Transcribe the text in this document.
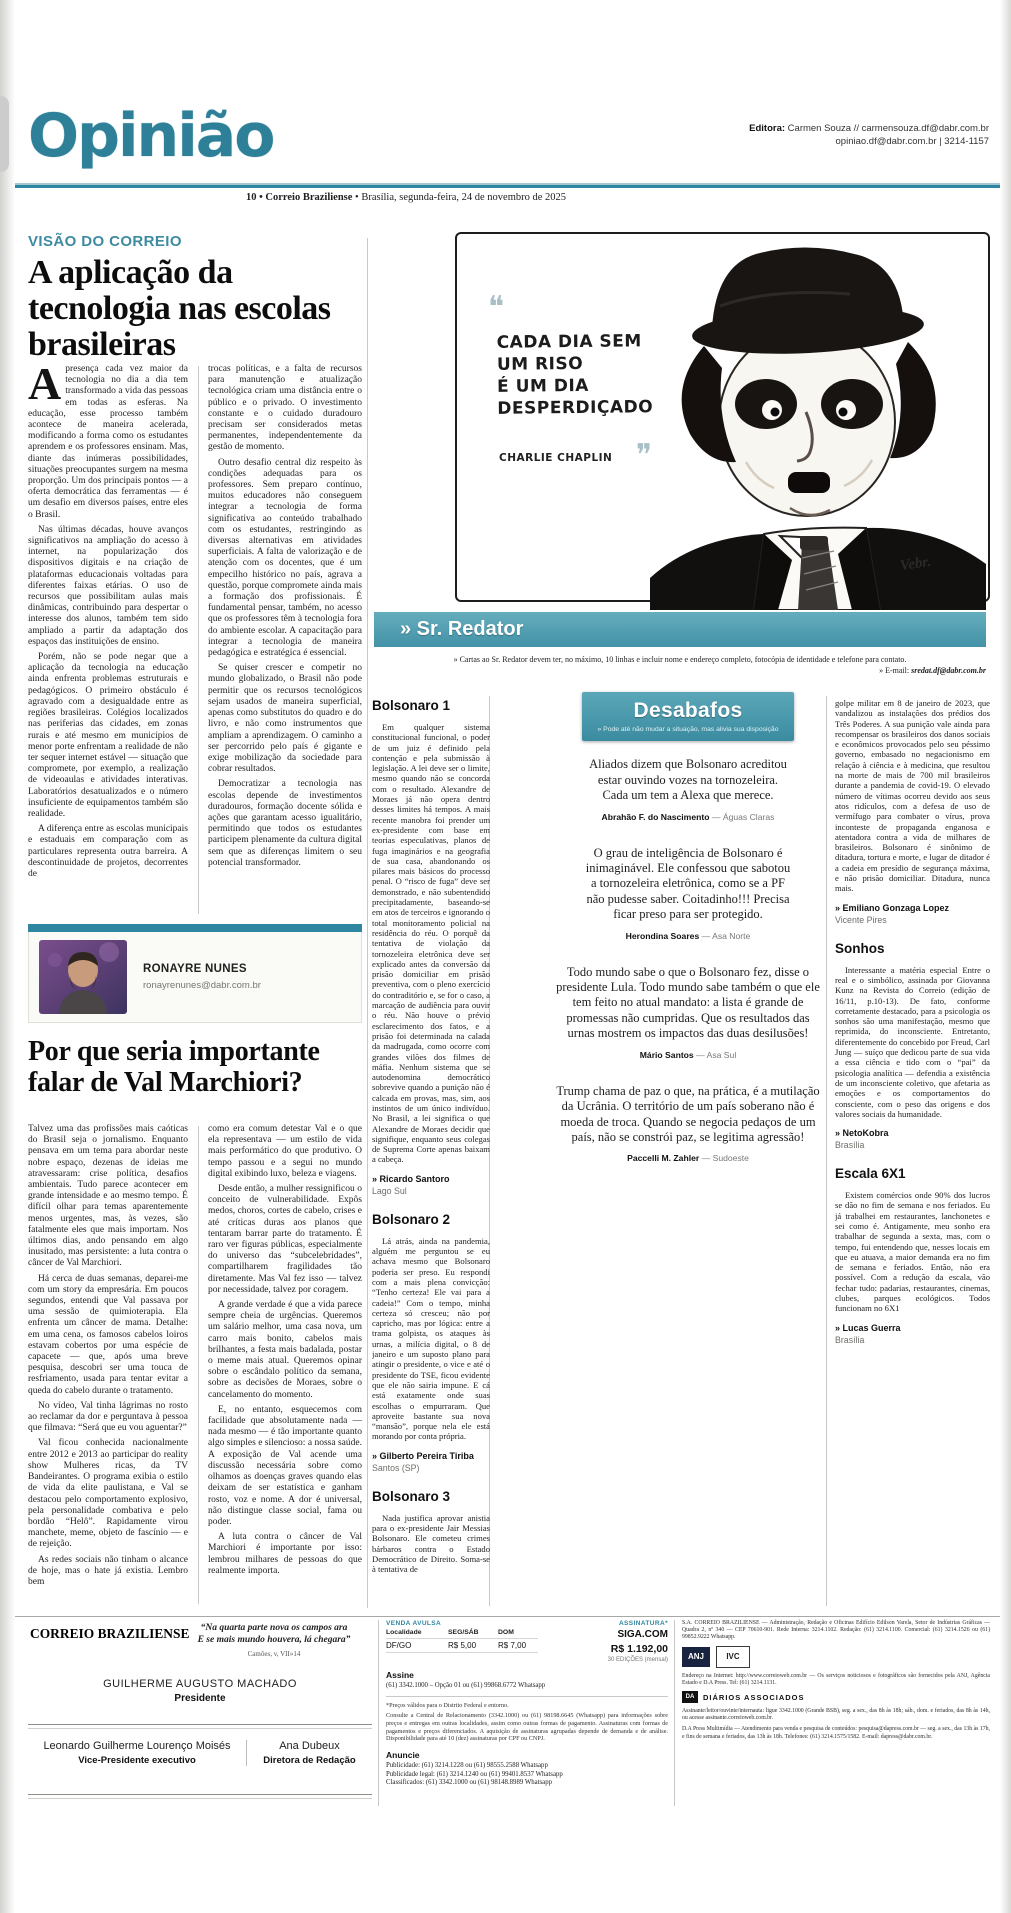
Opinião	Editora: Carmen Souza // carmensouza.df@dabr.com.br
opiniao.df@dabr.com.br | 3214-1157
10 • Correio Braziliense • Brasília, segunda-feira, 24 de novembro de 2025
VISÃO DO CORREIO
A aplicação da tecnologia nas escolas brasileiras

Apresença cada vez maior da tecnologia no dia a dia tem transformado a vida das pessoas em todas as esferas. Na educação, esse processo também acontece de maneira acelerada, modificando a forma como os estudantes aprendem e os professores ensinam. Mas, diante das inúmeras possibilidades, situações preocupantes surgem na mesma proporção. Um dos principais pontos — a oferta democrática das ferramentas — é um desafio em diversos países, entre eles o Brasil.

Nas últimas décadas, houve avanços significativos na ampliação do acesso à internet, na popularização dos dispositivos digitais e na criação de plataformas educacionais voltadas para diferentes faixas etárias. O uso de recursos que possibilitam aulas mais dinâmicas, contribuindo para despertar o interesse dos alunos, também tem sido ampliado a partir da adaptação dos espaços das instituições de ensino.

Porém, não se pode negar que a aplicação da tecnologia na educação ainda enfrenta problemas estruturais e pedagógicos. O primeiro obstáculo é agravado com a desigualdade entre as regiões brasileiras. Colégios localizados nas periferias das cidades, em zonas rurais e até mesmo em municípios de menor porte enfrentam a realidade de não ter sequer internet estável — situação que compromete, por exemplo, a realização de videoaulas e atividades interativas. Laboratórios desatualizados e o número insuficiente de equipamentos também são realidade.

A diferença entre as escolas municipais e estaduais em comparação com as particulares representa outra barreira. A descontinuidade de projetos, decorrentes de

trocas políticas, e a falta de recursos para manutenção e atualização tecnológica criam uma distância entre o público e o privado. O investimento constante e o cuidado duradouro precisam ser considerados metas permanentes, independentemente da gestão de momento.

Outro desafio central diz respeito às condições adequadas para os professores. Sem preparo contínuo, muitos educadores não conseguem integrar a tecnologia de forma significativa ao conteúdo trabalhado com os estudantes, restringindo as diversas alternativas em atividades superficiais. A falta de valorização e de atenção com os docentes, que é um empecilho histórico no país, agrava a questão, porque compromete ainda mais a formação dos profissionais. É fundamental pensar, também, no acesso que os professores têm à tecnologia fora do ambiente escolar. A capacitação para integrar a tecnologia de maneira pedagógica e estratégica é essencial.

Se quiser crescer e competir no mundo globalizado, o Brasil não pode permitir que os recursos tecnológicos sejam usados de maneira superficial, apenas como substitutos do quadro e do livro, e não como instrumentos que ampliam a aprendizagem. O caminho a ser percorrido pelo país é gigante e exige mobilização da sociedade para cobrar resultados.

Democratizar a tecnologia nas escolas depende de investimentos duradouros, formação docente sólida e ações que garantam acesso igualitário, permitindo que todos os estudantes participem plenamente da cultura digital sem que as diferenças limitem o seu potencial transformador.

RONAYRE NUNES
ronayrenunes@dabr.com.br
Por que seria importante falar de Val Marchiori?

Talvez uma das profissões mais caóticas do Brasil seja o jornalismo. Enquanto pensava em um tema para abordar neste nobre espaço, dezenas de ideias me atravessaram: crise política, desafios ambientais. Tudo parece acontecer em grande intensidade e ao mesmo tempo. É difícil olhar para temas aparentemente menos urgentes, mas, às vezes, são fatalmente eles que mais importam. Nos últimos dias, ando pensando em algo inusitado, mas persistente: a luta contra o câncer de Val Marchiori.

Há cerca de duas semanas, deparei-me com um story da empresária. Em poucos segundos, entendi que Val passava por uma sessão de quimioterapia. Ela enfrenta um câncer de mama. Detalhe: em uma cena, os famosos cabelos loiros estavam cobertos por uma espécie de capacete — que, após uma breve pesquisa, descobri ser uma touca de resfriamento, usada para tentar evitar a queda do cabelo durante o tratamento.

No vídeo, Val tinha lágrimas no rosto ao reclamar da dor e perguntava à pessoa que filmava: “Será que eu vou aguentar?”

Val ficou conhecida nacionalmente entre 2012 e 2013 ao participar do reality show Mulheres ricas, da TV Bandeirantes. O programa exibia o estilo de vida da elite paulistana, e Val se destacou pelo comportamento explosivo, pela personalidade combativa e pelo bordão “Helô”. Rapidamente virou manchete, meme, objeto de fascínio — e de rejeição.

As redes sociais não tinham o alcance de hoje, mas o hate já existia. Lembro bem

como era comum detestar Val e o que ela representava — um estilo de vida mais performático do que produtivo. O tempo passou e a segui no mundo digital exibindo luxo, beleza e viagens.

Desde então, a mulher ressignificou o conceito de vulnerabilidade. Expôs medos, choros, cortes de cabelo, crises e até críticas duras aos planos que tentaram barrar parte do tratamento. É raro ver figuras públicas, especialmente do universo das “subcelebridades”, compartilharem fragilidades tão diretamente. Mas Val fez isso — talvez por necessidade, talvez por coragem.

A grande verdade é que a vida parece sempre cheia de urgências. Queremos um salário melhor, uma casa nova, um carro mais bonito, cabelos mais brilhantes, a festa mais badalada, postar o meme mais atual. Queremos opinar sobre o escândalo político da semana, sobre as decisões de Moraes, sobre o cancelamento do momento.

E, no entanto, esquecemos com facilidade que absolutamente nada — nada mesmo — é tão importante quanto algo simples e silencioso: a nossa saúde. A exposição de Val acende uma discussão necessária sobre como olhamos as doenças graves quando elas deixam de ser estatística e ganham rosto, voz e nome. A dor é universal, não distingue classe social, fama ou poder.

A luta contra o câncer de Val Marchiori é importante por isso: lembrou milhares de pessoas do que realmente importa.

❝
CADA DIA SEM
UM RISO
É UM DIA
DESPERDIÇADO
CHARLIE CHAPLIN ❞
Vebr.
» Sr. Redator
» Cartas ao Sr. Redator devem ter, no máximo, 10 linhas e incluir nome e endereço completo, fotocópia de identidade e telefone para contato.
» E-mail: sredat.df@dabr.com.br
Bolsonaro 1

Em qualquer sistema constitucional funcional, o poder de um juiz é definido pela contenção e pela submissão à legislação. A lei deve ser o limite, mesmo quando não se concorda com o resultado. Alexandre de Moraes já não opera dentro desses limites há tempos. A mais recente manobra foi prender um ex-presidente com base em teorias especulativas, planos de fuga imaginários e na geografia de sua casa, abandonando os pilares mais básicos do processo penal. O “risco de fuga” deve ser demonstrado, e não subentendido precipitadamente, baseando-se em atos de terceiros e ignorando o total monitoramento policial na residência do réu. O porquê da tentativa de violação da tornozeleira eletrônica deve ser explicado antes da conversão da prisão domiciliar em prisão preventiva, com o pleno exercício do contraditório e, se for o caso, a marcação de audiência para ouvir o réu. Não houve o prévio esclarecimento dos fatos, e a prisão foi determinada na calada da madrugada, como ocorre com grandes vilões dos filmes de máfia. Nenhum sistema que se autodenomina democrático sobrevive quando a punição não é calcada em provas, mas, sim, aos instintos de um único indivíduo. No Brasil, a lei significa o que Alexandre de Moraes decidir que signifique, enquanto seus colegas de Suprema Corte apenas baixam a cabeça.

» Ricardo Santoro
Lago Sul
Bolsonaro 2

Lá atrás, ainda na pandemia, alguém me perguntou se eu achava mesmo que Bolsonaro poderia ser preso. Eu respondi com a mais plena convicção: “Tenho certeza! Ele vai para a cadeia!” Com o tempo, minha certeza só cresceu; não por capricho, mas por lógica: entre a trama golpista, os ataques às urnas, a milícia digital, o 8 de janeiro e um suposto plano para atingir o presidente, o vice e até o presidente do TSE, ficou evidente que ele não sairia impune. E cá está exatamente onde suas escolhas o empurraram. Que aproveite bastante sua nova “mansão”, porque nela ele está morando por conta própria.

» Gilberto Pereira Tiriba
Santos (SP)
Bolsonaro 3

Nada justifica aprovar anistia para o ex-presidente Jair Messias Bolsonaro. Ele cometeu crimes bárbaros contra o Estado Democrático de Direito. Soma-se à tentativa de

Desabafos
» Pode até não mudar a situação, mas alivia sua disposição
Aliados dizem que Bolsonaro acreditou estar ouvindo vozes na tornozeleira. Cada um tem a Alexa que merece.
Abrahão F. do Nascimento — Águas Claras
O grau de inteligência de Bolsonaro é inimaginável. Ele confessou que sabotou a tornozeleira eletrônica, como se a PF não pudesse saber. Coitadinho!!! Precisa ficar preso para ser protegido.
Herondina Soares — Asa Norte
Todo mundo sabe o que o Bolsonaro fez, disse o presidente Lula. Todo mundo sabe também o que ele tem feito no atual mandato: a lista é grande de promessas não cumpridas. Que os resultados das urnas mostrem os impactos das duas desilusões!
Mário Santos — Asa Sul
Trump chama de paz o que, na prática, é a mutilação da Ucrânia. O território de um país soberano não é moeda de troca. Quando se negocia pedaços de um país, não se constrói paz, se legitima agressão!
Paccelli M. Zahler — Sudoeste

golpe militar em 8 de janeiro de 2023, que vandalizou as instalações dos prédios dos Três Poderes. A sua punição vale ainda para recompensar os brasileiros dos danos sociais e econômicos provocados pelo seu péssimo governo, embasado no negacionismo em relação à ciência e à medicina, que resultou na morte de mais de 700 mil brasileiros durante a pandemia de covid-19. O elevado número de vítimas ocorreu devido aos seus atos ridículos, com a defesa de uso de vermífugo para combater o vírus, prova inconteste de propaganda enganosa e atentadora contra a vida de milhares de brasileiros. Bolsonaro é sinônimo de ditadura, tortura e morte, e lugar de ditador é a cadeia em presídio de segurança máxima, e não prisão domiciliar. Ditadura, nunca mais.

» Emiliano Gonzaga Lopez
Vicente Pires
Sonhos

Interessante a matéria especial Entre o real e o simbólico, assinada por Giovanna Kunz na Revista do Correio (edição de 16/11, p.10-13). De fato, conforme corretamente destacado, para a psicologia os sonhos são uma manifestação, mesmo que reprimida, do inconsciente. Entretanto, diferentemente do concebido por Freud, Carl Jung — suíço que dedicou parte de sua vida a essa ciência e tido com o “pai” da psicologia analítica — defendia a existência de um inconsciente coletivo, que afetaria as emoções e os comportamentos do consciente, com o peso das origens e dos valores sociais da humanidade.

» NetoKobra
Brasília
Escala 6X1

Existem comércios onde 90% dos lucros se dão no fim de semana e nos feriados. Eu já trabalhei em restaurantes, lanchonetes e sei como é. Antigamente, meu sonho era trabalhar de segunda a sexta, mas, com o tempo, fui entendendo que, nesses locais em que eu atuava, a maior demanda era no fim de semana e feriados. Então, não era possível. Com a redução da escala, vão fechar tudo: padarias, restaurantes, cinemas, clubes, parques ecológicos. Todos funcionam no 6X1

» Lucas Guerra
Brasília
CORREIO BRAZILIENSE	“Na quarta parte nova os campos ara
E se mais mundo houvera, lá chegara”
Camões, v, VII»14
GUILHERME AUGUSTO MACHADO
Presidente
Leonardo Guilherme Lourenço Moisés
Vice-Presidente executivo
Ana Dubeux
Diretora de Redação
VENDA AVULSA
Localidade	SEG/SÁB	DOM
DF/GO	R$ 5,00	R$ 7,00
ASSINATURA*
SIGA.COM
R$ 1.192,00
30 EDIÇÕES (mensal)
Assine
(61) 3342.1000 – Opção 01 ou (61) 99868.6772 Whatsapp
*Preços válidos para o Distrito Federal e entorno.
Consulte a Central de Relacionamento (3342.1000) ou (61) 98198.6645 (Whatsapp) para informações sobre preços e entregas em outras localidades, assim como outras formas de pagamento. Assinaturas com formas de pagamentos e preços diferenciados. A aquisição de assinaturas agrupadas depende de demanda e de análise. Disponibilidade para até 10 (dez) assinaturas por CPF ou CNPJ.
Anuncie
Publicidade: (61) 3214.1228 ou (61) 98555.2588 Whatsapp
Publicidade legal: (61) 3214.1240 ou (61) 99401.8537 Whatsapp
Classificados: (61) 3342.1000 ou (61) 98148.8989 Whatsapp

S.A. CORREIO BRAZILIENSE — Administração, Redação e Oficinas Edifício Edilson Varela, Setor de Indústrias Gráficas — Quadra 2, nº 340 — CEP 70610-901. Rede Interna: 3214.1102. Redação: (61) 3214.1100. Comercial: (61) 3214.1526 ou (61) 99852.9222 Whatsapp.

ANJ	IVC

Endereço na Internet: http://www.correioweb.com.br — Os serviços noticiosos e fotográficos são fornecidos pela ANJ, Agência Estado e D.A Press. Tel: (61) 3214.1131.

DA	DIÁRIOS ASSOCIADOS

Assinante/leitor/ouvinte/internauta: ligue 3342.1000 (Grande BSB), seg. a sex., das 8h às 18h; sáb., dom. e feriados, das 8h às 14h, ou acesse assinante.correioweb.com.br.

D.A Press Multimídia — Atendimento para venda e pesquisa de conteúdos: pesquisa@dapress.com.br — seg. a sex., das 13h às 17h, e fins de semana e feriados, das 13h às 18h. Telefones: (61) 3214.1575/1582. E-mail: dapress@dabr.com.br.
